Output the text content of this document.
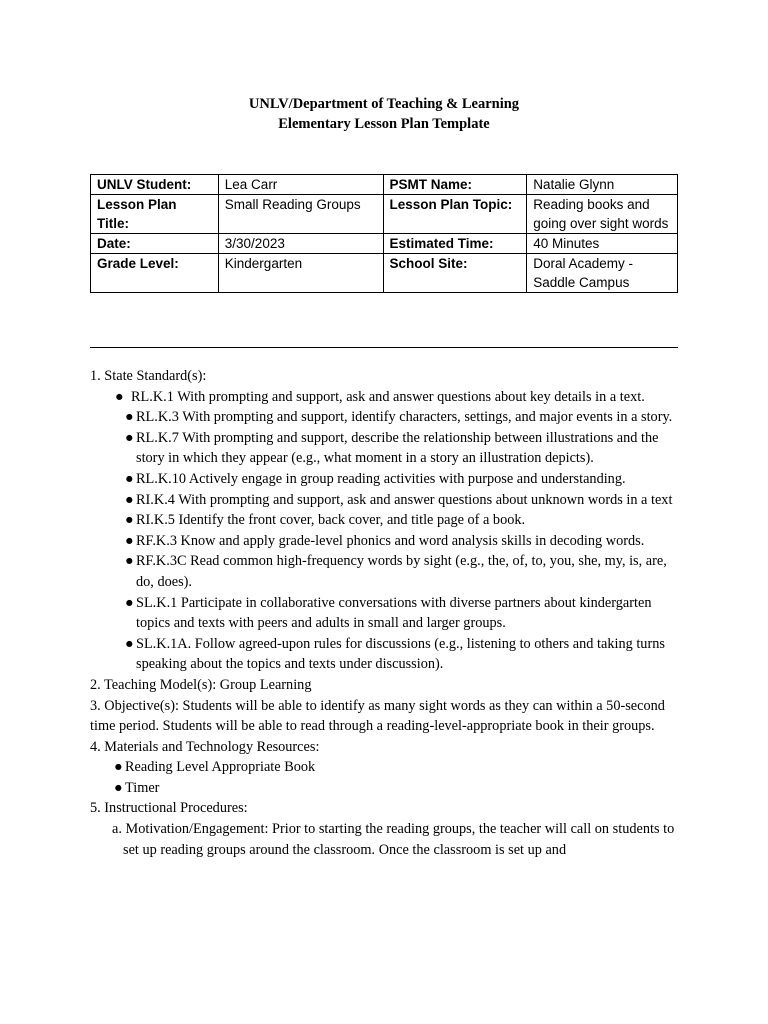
UNLV/Department of Teaching & Learning
Elementary Lesson Plan Template
UNLV Student:	Lea Carr	PSMT Name:	Natalie Glynn
Lesson Plan Title:	Small Reading Groups	Lesson Plan Topic:	Reading books and going over sight words
Date:	3/30/2023	Estimated Time:	40 Minutes
Grade Level:	Kindergarten	School Site:	Doral Academy - Saddle Campus

1. State Standard(s):

● RL.K.1 With prompting and support, ask and answer questions about key details in a text.
● RL.K.3 With prompting and support, identify characters, settings, and major events in a story.
● RL.K.7 With prompting and support, describe the relationship between illustrations and the story in which they appear (e.g., what moment in a story an illustration depicts).
● RL.K.10 Actively engage in group reading activities with purpose and understanding.
● RI.K.4 With prompting and support, ask and answer questions about unknown words in a text
● RI.K.5 Identify the front cover, back cover, and title page of a book.
● RF.K.3 Know and apply grade-level phonics and word analysis skills in decoding words.
● RF.K.3C Read common high-frequency words by sight (e.g., the, of, to, you, she, my, is, are, do, does).
● SL.K.1 Participate in collaborative conversations with diverse partners about kindergarten topics and texts with peers and adults in small and larger groups.
● SL.K.1A. Follow agreed-upon rules for discussions (e.g., listening to others and taking turns speaking about the topics and texts under discussion).

2. Teaching Model(s): Group Learning

3. Objective(s): Students will be able to identify as many sight words as they can within a 50-second time period. Students will be able to read through a reading-level-appropriate book in their groups.

4. Materials and Technology Resources:

● Reading Level Appropriate Book
● Timer

5. Instructional Procedures:

a. Motivation/Engagement: Prior to starting the reading groups, the teacher will call on students to set up reading groups around the classroom. Once the classroom is set up and
